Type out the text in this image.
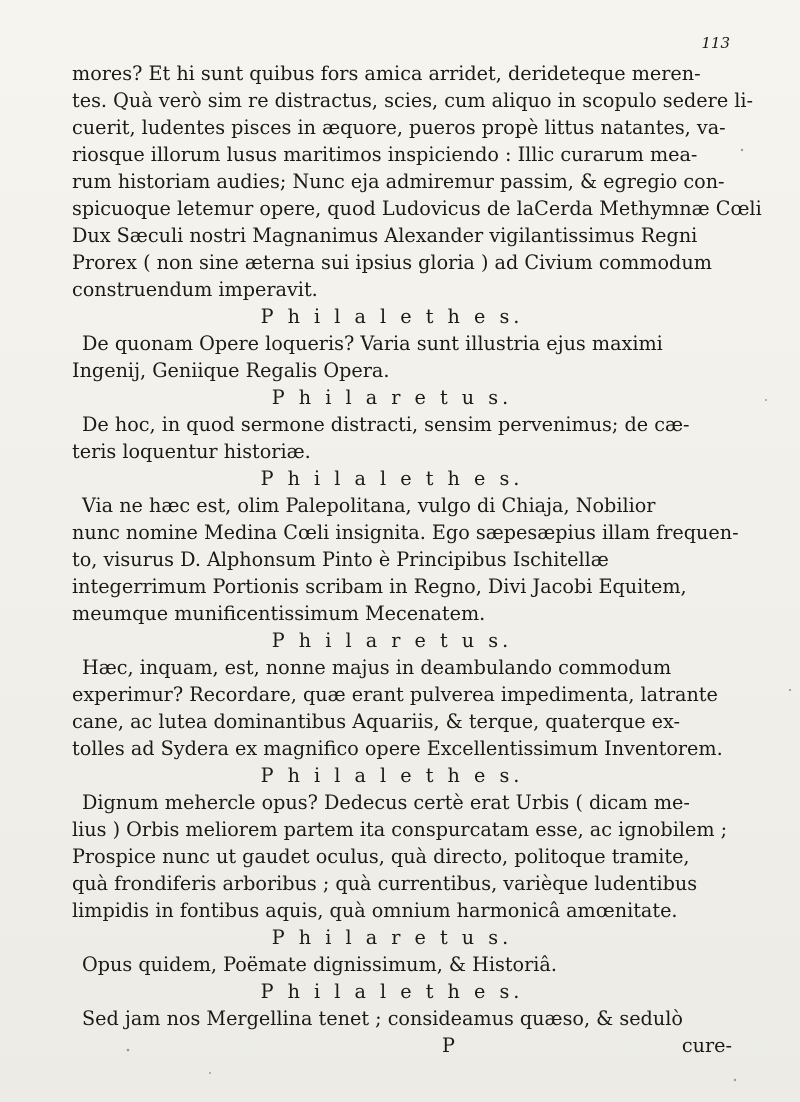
113
mores? Et hi sunt quibus fors amica arridet, derideteque meren-
tes. Quà verò sim re distractus, scies, cum aliquo in scopulo sedere li-
cuerit, ludentes pisces in æquore, pueros propè littus natantes, va-
riosque illorum lusus maritimos inspiciendo : Illic curarum mea-
rum historiam audies; Nunc eja admiremur passim, & egregio con-
spicuoque letemur opere, quod Ludovicus de laCerda Methymnæ Cœli
Dux Sæculi nostri Magnanimus Alexander vigilantissimus Regni
Prorex ( non sine æterna sui ipsius gloria ) ad Civium commodum
construendum imperavit.
P h i l a l e t h e s.
De quonam Opere loqueris? Varia sunt illustria ejus maximi
Ingenij, Geniique Regalis Opera.
P h i l a r e t u s.
De hoc, in quod sermone distracti, sensim pervenimus; de cæ-
teris loquentur historiæ.
P h i l a l e t h e s.
Via ne hæc est, olim Palepolitana, vulgo di Chiaja, Nobilior
nunc nomine Medina Cœli insignita. Ego sæpesæpius illam frequen-
to, visurus D. Alphonsum Pinto è Principibus Ischitellæ
integerrimum Portionis scribam in Regno, Divi Jacobi Equitem,
meumque munificentissimum Mecenatem.
P h i l a r e t u s.
Hæc, inquam, est, nonne majus in deambulando commodum
experimur? Recordare, quæ erant pulverea impedimenta, latrante
cane, ac lutea dominantibus Aquariis, & terque, quaterque ex-
tolles ad Sydera ex magnifico opere Excellentissimum Inventorem.
P h i l a l e t h e s.
Dignum mehercle opus? Dedecus certè erat Urbis ( dicam me-
lius ) Orbis meliorem partem ita conspurcatam esse, ac ignobilem ;
Prospice nunc ut gaudet oculus, quà directo, politoque tramite,
quà frondiferis arboribus ; quà currentibus, varièque ludentibus
limpidis in fontibus aquis, quà omnium harmonicâ amœnitate.
P h i l a r e t u s.
Opus quidem, Poëmate dignissimum, & Historiâ.
P h i l a l e t h e s.
Sed jam nos Mergellina tenet ; consideamus quæso, & sedulò
P	cure-
